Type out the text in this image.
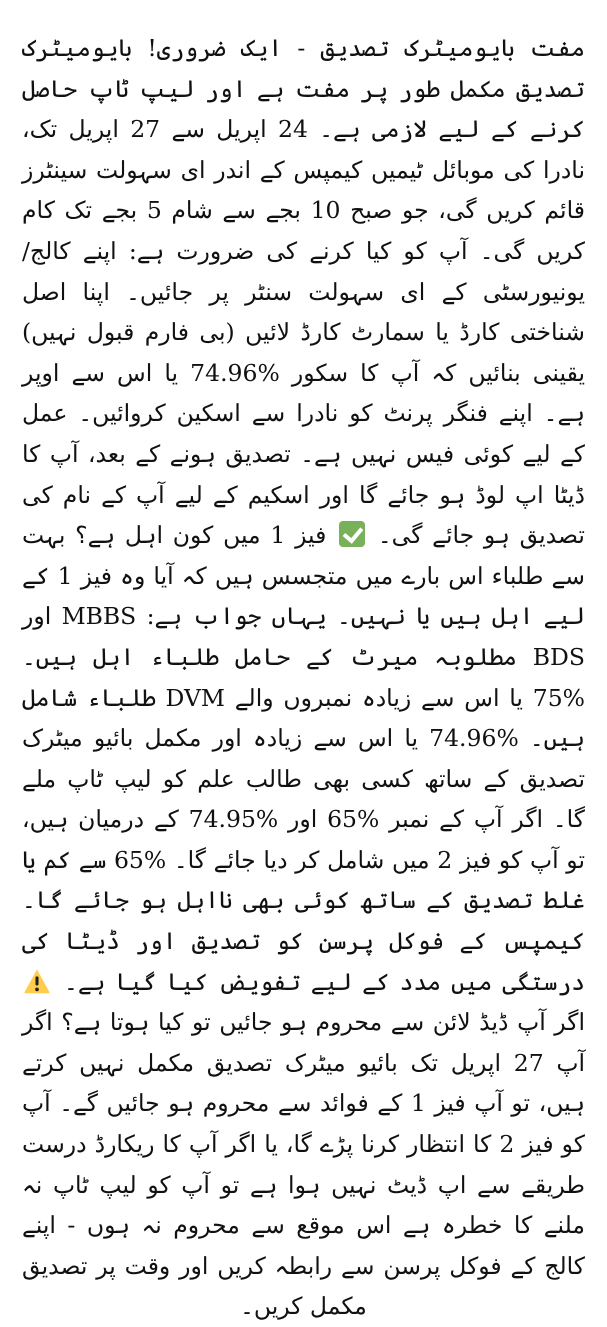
مفت بایومیٹرک تصدیق - ایک ضروری! بایومیٹرک تصدیق مکمل طور پر مفت ہے اور لیپ ٹاپ حاصل کرنے کے لیے لازمی ہے۔ 24 اپریل سے 27 اپریل تک، نادرا کی موبائل ٹیمیں کیمپس کے اندر ای سہولت سینٹرز قائم کریں گی، جو صبح 10 بجے سے شام 5 بجے تک کام کریں گی۔ آپ کو کیا کرنے کی ضرورت ہے: اپنے کالج/یونیورسٹی کے ای سہولت سنٹر پر جائیں۔ اپنا اصل شناختی کارڈ یا سمارٹ کارڈ لائیں (بی فارم قبول نہیں) یقینی بنائیں کہ آپ کا سکور %74.96 یا اس سے اوپر ہے۔ اپنے فنگر پرنٹ کو نادرا سے اسکین کروائیں۔ عمل کے لیے کوئی فیس نہیں ہے۔ تصدیق ہونے کے بعد، آپ کا ڈیٹا اپ لوڈ ہو جائے گا اور اسکیم کے لیے آپ کے نام کی تصدیق ہو جائے گی۔  فیز 1 میں کون اہل ہے؟ بہت سے طلباء اس بارے میں متجسس ہیں کہ آیا وہ فیز 1 کے لیے اہل ہیں یا نہیں۔ یہاں جواب ہے: MBBS اور BDS مطلوبہ میرٹ کے حامل طلباء اہل ہیں۔ %75 یا اس سے زیادہ نمبروں والے DVM طلباء شامل ہیں۔ %74.96 یا اس سے زیادہ اور مکمل بائیو میٹرک تصدیق کے ساتھ کسی بھی طالب علم کو لیپ ٹاپ ملے گا۔ اگر آپ کے نمبر %65 اور %74.95 کے درمیان ہیں، تو آپ کو فیز 2 میں شامل کر دیا جائے گا۔ %65 سے کم یا غلط تصدیق کے ساتھ کوئی بھی نااہل ہو جائے گا۔ کیمپس کے فوکل پرسن کو تصدیق اور ڈیٹا کی درستگی میں مدد کے لیے تفویض کیا گیا ہے۔
اگر آپ ڈیڈ لائن سے محروم ہو جائیں تو کیا ہوتا ہے؟ اگر آپ 27 اپریل تک بائیو میٹرک تصدیق مکمل نہیں کرتے ہیں، تو آپ فیز 1 کے فوائد سے محروم ہو جائیں گے۔ آپ کو فیز 2 کا انتظار کرنا پڑے گا، یا اگر آپ کا ریکارڈ درست طریقے سے اپ ڈیٹ نہیں ہوا ہے تو آپ کو لیپ ٹاپ نہ ملنے کا خطرہ ہے اس موقع سے محروم نہ ہوں - اپنے کالج کے فوکل پرسن سے رابطہ کریں اور وقت پر تصدیق مکمل کریں۔
